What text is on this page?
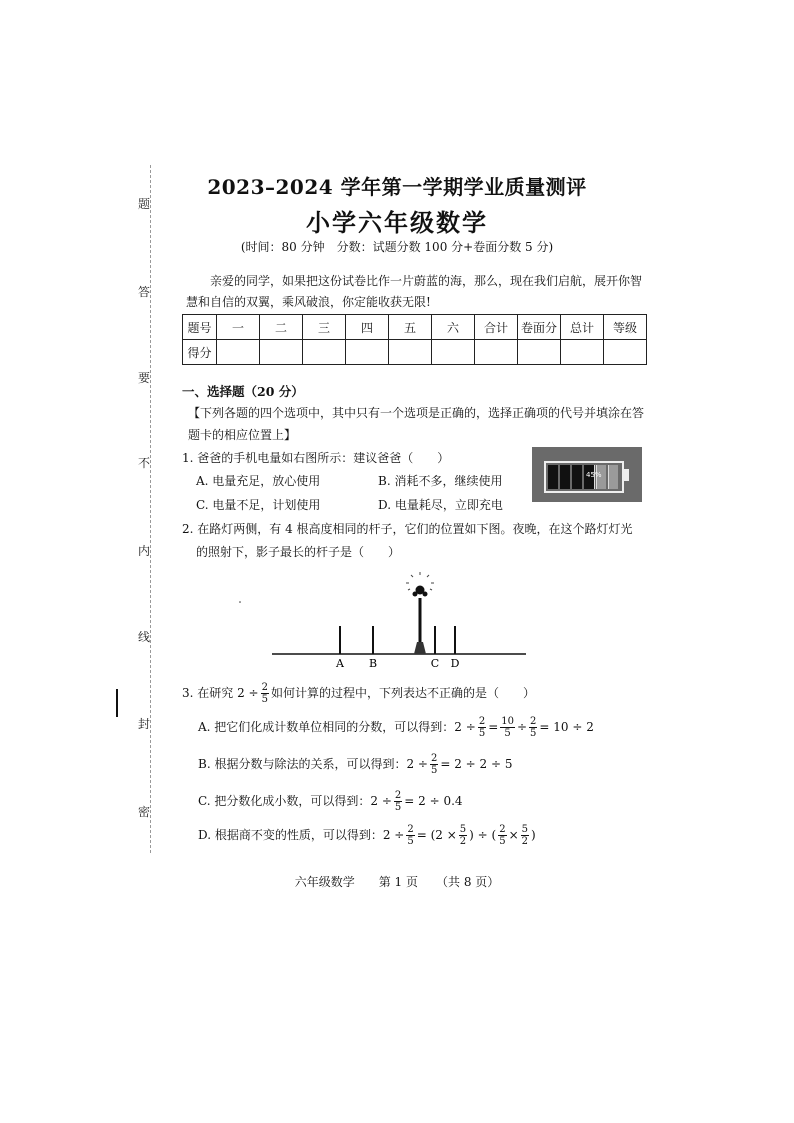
题
答
要
不
内
线
封
密
2023–2024 学年第一学期学业质量测评
小学六年级数学
(时间：80 分钟　分数：试题分数 100 分+卷面分数 5 分)
亲爱的同学，如果把这份试卷比作一片蔚蓝的海，那么，现在我们启航，展开你智慧和自信的双翼，乘风破浪，你定能收获无限!
题号	一	二	三	四	五	六	合计	卷面分	总计	等级
得分										
一、选择题（20 分）
【下列各题的四个选项中，其中只有一个选项是正确的，选择正确项的代号并填涂在答题卡的相应位置上】
1. 爸爸的手机电量如右图所示：建议爸爸（　　）
A. 电量充足，放心使用	B. 消耗不多，继续使用
C. 电量不足，计划使用	D. 电量耗尽，立即充电
45%
2. 在路灯两侧，有 4 根高度相同的杆子，它们的位置如下图。夜晚，在这个路灯灯光
的照射下，影子最长的杆子是（　　）
A B	C D
3. 在研究 $2 \div \frac{2}{5}$ 如何计算的过程中，下列表达不正确的是（　　）
A. 把它们化成计数单位相同的分数，可以得到：$2 \div \frac{2}{5} = \frac{10}{5} \div \frac{2}{5} = 10 \div 2$
B. 根据分数与除法的关系，可以得到：$2 \div \frac{2}{5} = 2 \div 2 \div 5$
C. 把分数化成小数，可以得到：$2 \div \frac{2}{5} = 2 \div 0.4$
D. 根据商不变的性质，可以得到：$2 \div \frac{2}{5} = (2 \times \frac{5}{2}$ ) ÷ ( $\frac{2}{5} \times \frac{5}{2}$ )
六年级数学　　第 1 页　　（共 8 页）
